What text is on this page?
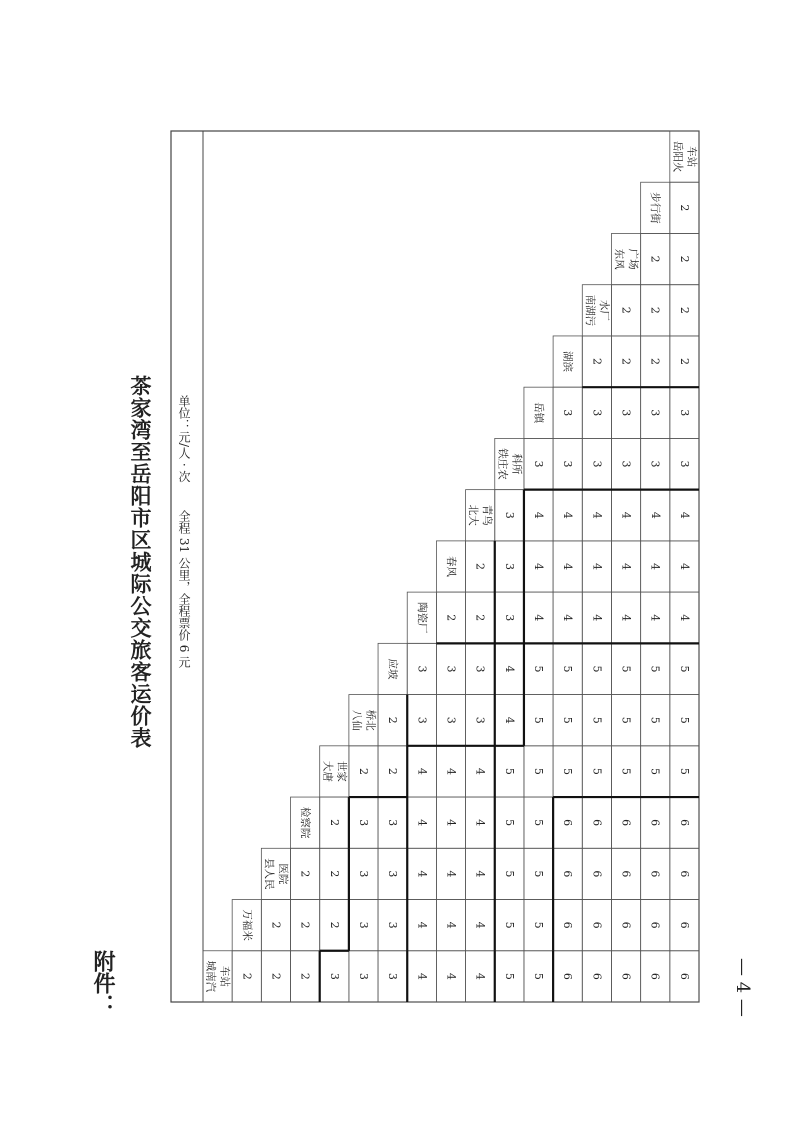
城南汽 车站
万福米
县人民 医院
检察院
大唐 世家
八仙 桥北
应坡
陶瓷厂
春风
北大 青鸟
铁庄农 科所
岳镇
湖滨
南湖污 水厂
东风 广场
步行街
岳阳火 车站
2 2
2
2
2
2
3
2
2
2
3
3
3
3
2
3
3
3
3
2
2
4
4
4
4
4
3
3
4
4
4
4
4
3
3
2
4
4
4
4
4
3
3
2
2
5
5
5
5
5
4
4
3
3
3
5
5
5
5
5
5
5
4
4
4
3
6
6
6
6
5
5
5
4
4
4
3
3
6
6
6
6
5
5
5
4
4
4
3
3
2
6
6
6
6
5
5
5
4
4
4
3
3
2
2
6
6
6
6
5
5
5
4
4
4
3
3
2
2
2
6
6
6
6
5
5
5
4
4
4
3
3
2
2
2
2
附件：
茶家湾至岳阳市区城际公交旅客运价表 全程 31 公里，全程票价 6 元
单位：元/人 · 次
— 4 —
